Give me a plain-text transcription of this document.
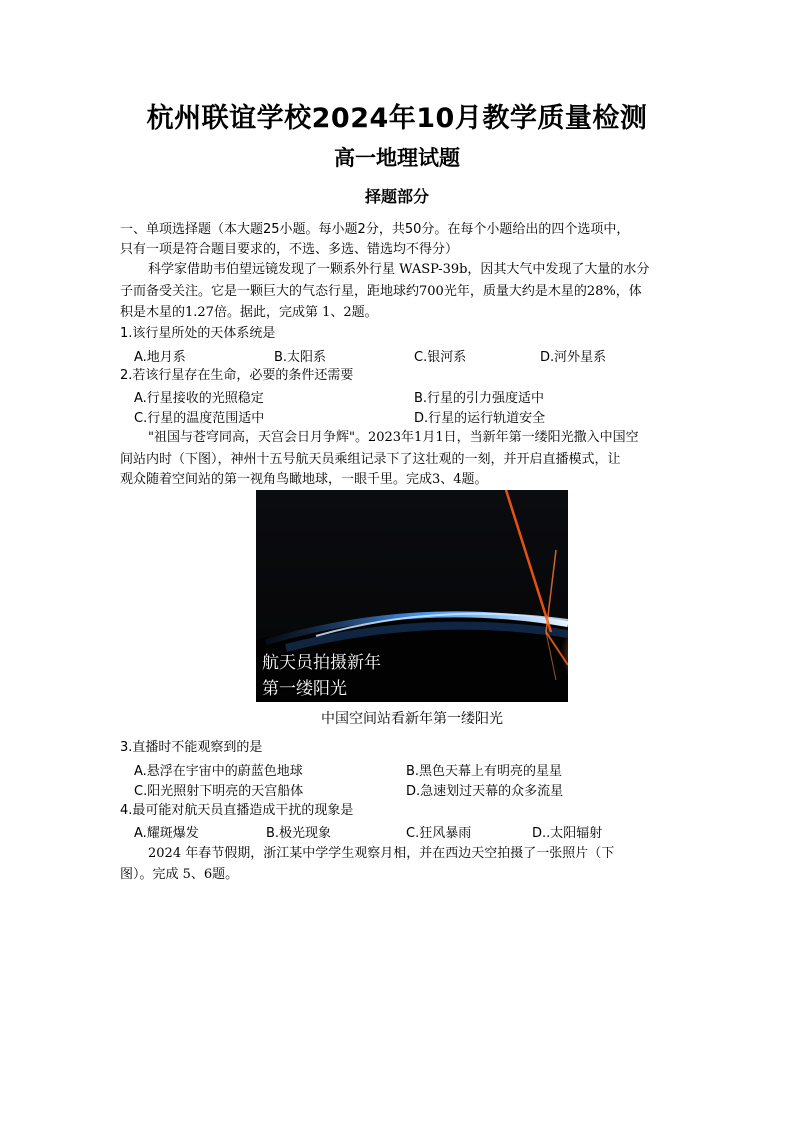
杭州联谊学校2024年10月教学质量检测
高一地理试题
择题部分
一、单项选择题（本大题25小题。每小题2分，共50分。在每个小题给出的四个选项中，
只有一项是符合题目要求的，不选、多选、错选均不得分）
科学家借助韦伯望远镜发现了一颗系外行星 WASP-39b，因其大气中发现了大量的水分
子而备受关注。它是一颗巨大的气态行星，距地球约700光年，质量大约是木星的28%，体
积是木星的1.27倍。据此，完成第 1、2题。
1.该行星所处的天体系统是
A.地月系	B.太阳系	C.银河系	D.河外星系
2.若该行星存在生命，必要的条件还需要
A.行星接收的光照稳定	B.行星的引力强度适中
C.行星的温度范围适中	D.行星的运行轨道安全
"祖国与苍穹同高，天宫会日月争辉"。2023年1月1日，当新年第一缕阳光撒入中国空
间站内时（下图），神州十五号航天员乘组记录下了这壮观的一刻，并开启直播模式，让
观众随着空间站的第一视角鸟瞰地球，一眼千里。完成3、4题。
航天员拍摄新年
第一缕阳光
中国空间站看新年第一缕阳光
3.直播时不能观察到的是
A.悬浮在宇宙中的蔚蓝色地球	B.黑色天幕上有明亮的星星
C.阳光照射下明亮的天宫船体	D.急速划过天幕的众多流星
4.最可能对航天员直播造成干扰的现象是
A.耀斑爆发	B.极光现象	C.狂风暴雨	D..太阳辐射
2024 年春节假期，浙江某中学学生观察月相，并在西边天空拍摄了一张照片（下
图）。完成 5、6题。
